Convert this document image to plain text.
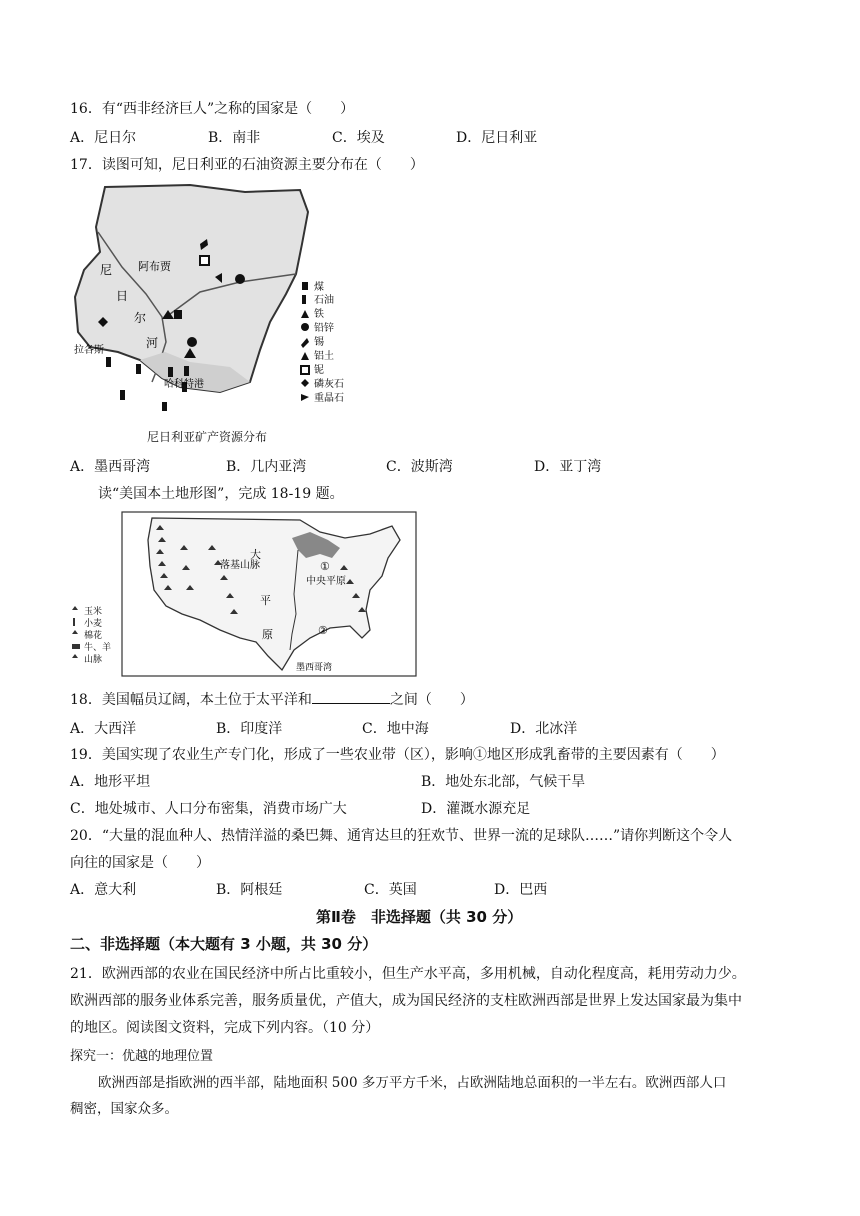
16．有“西非经济巨人”之称的国家是（　　）
A．尼日尔	B．南非	C．埃及	D．尼日利亚
17．读图可知，尼日利亚的石油资源主要分布在（　　）
阿布贾
尼
日
尔
河
拉各斯
哈科特港
煤
石油
铁
铅锌
锡
铝土
铌
磷灰石
重晶石
尼日利亚矿产资源分布
A．墨西哥湾	B．几内亚湾	C．波斯湾	D．亚丁湾
读“美国本土地形图”，完成 18-19 题。
落基山脉
大
平
原
中央平原
①
②
墨西哥湾
玉米
小麦
棉花
牛、羊
山脉
18．美国幅员辽阔，本土位于太平洋和	之间（　　）
A．大西洋	B．印度洋	C．地中海	D．北冰洋
19．美国实现了农业生产专门化，形成了一些农业带（区），影响①地区形成乳畜带的主要因素有（　　）
A．地形平坦	B．地处东北部，气候干旱
C．地处城市、人口分布密集，消费市场广大	D．灌溉水源充足
20．“大量的混血种人、热情洋溢的桑巴舞、通宵达旦的狂欢节、世界一流的足球队……”请你判断这个令人
向往的国家是（　　）
A．意大利	B．阿根廷	C．英国	D．巴西
第Ⅱ卷　非选择题（共 30 分）
二、非选择题（本大题有 3 小题，共 30 分）
21．欧洲西部的农业在国民经济中所占比重较小，但生产水平高，多用机械，自动化程度高，耗用劳动力少。
欧洲西部的服务业体系完善，服务质量优，产值大，成为国民经济的支柱欧洲西部是世界上发达国家最为集中
的地区。阅读图文资料，完成下列内容。（10 分）
探究一：优越的地理位置
欧洲西部是指欧洲的西半部，陆地面积 500 多万平方千米，占欧洲陆地总面积的一半左右。欧洲西部人口
稠密，国家众多。
